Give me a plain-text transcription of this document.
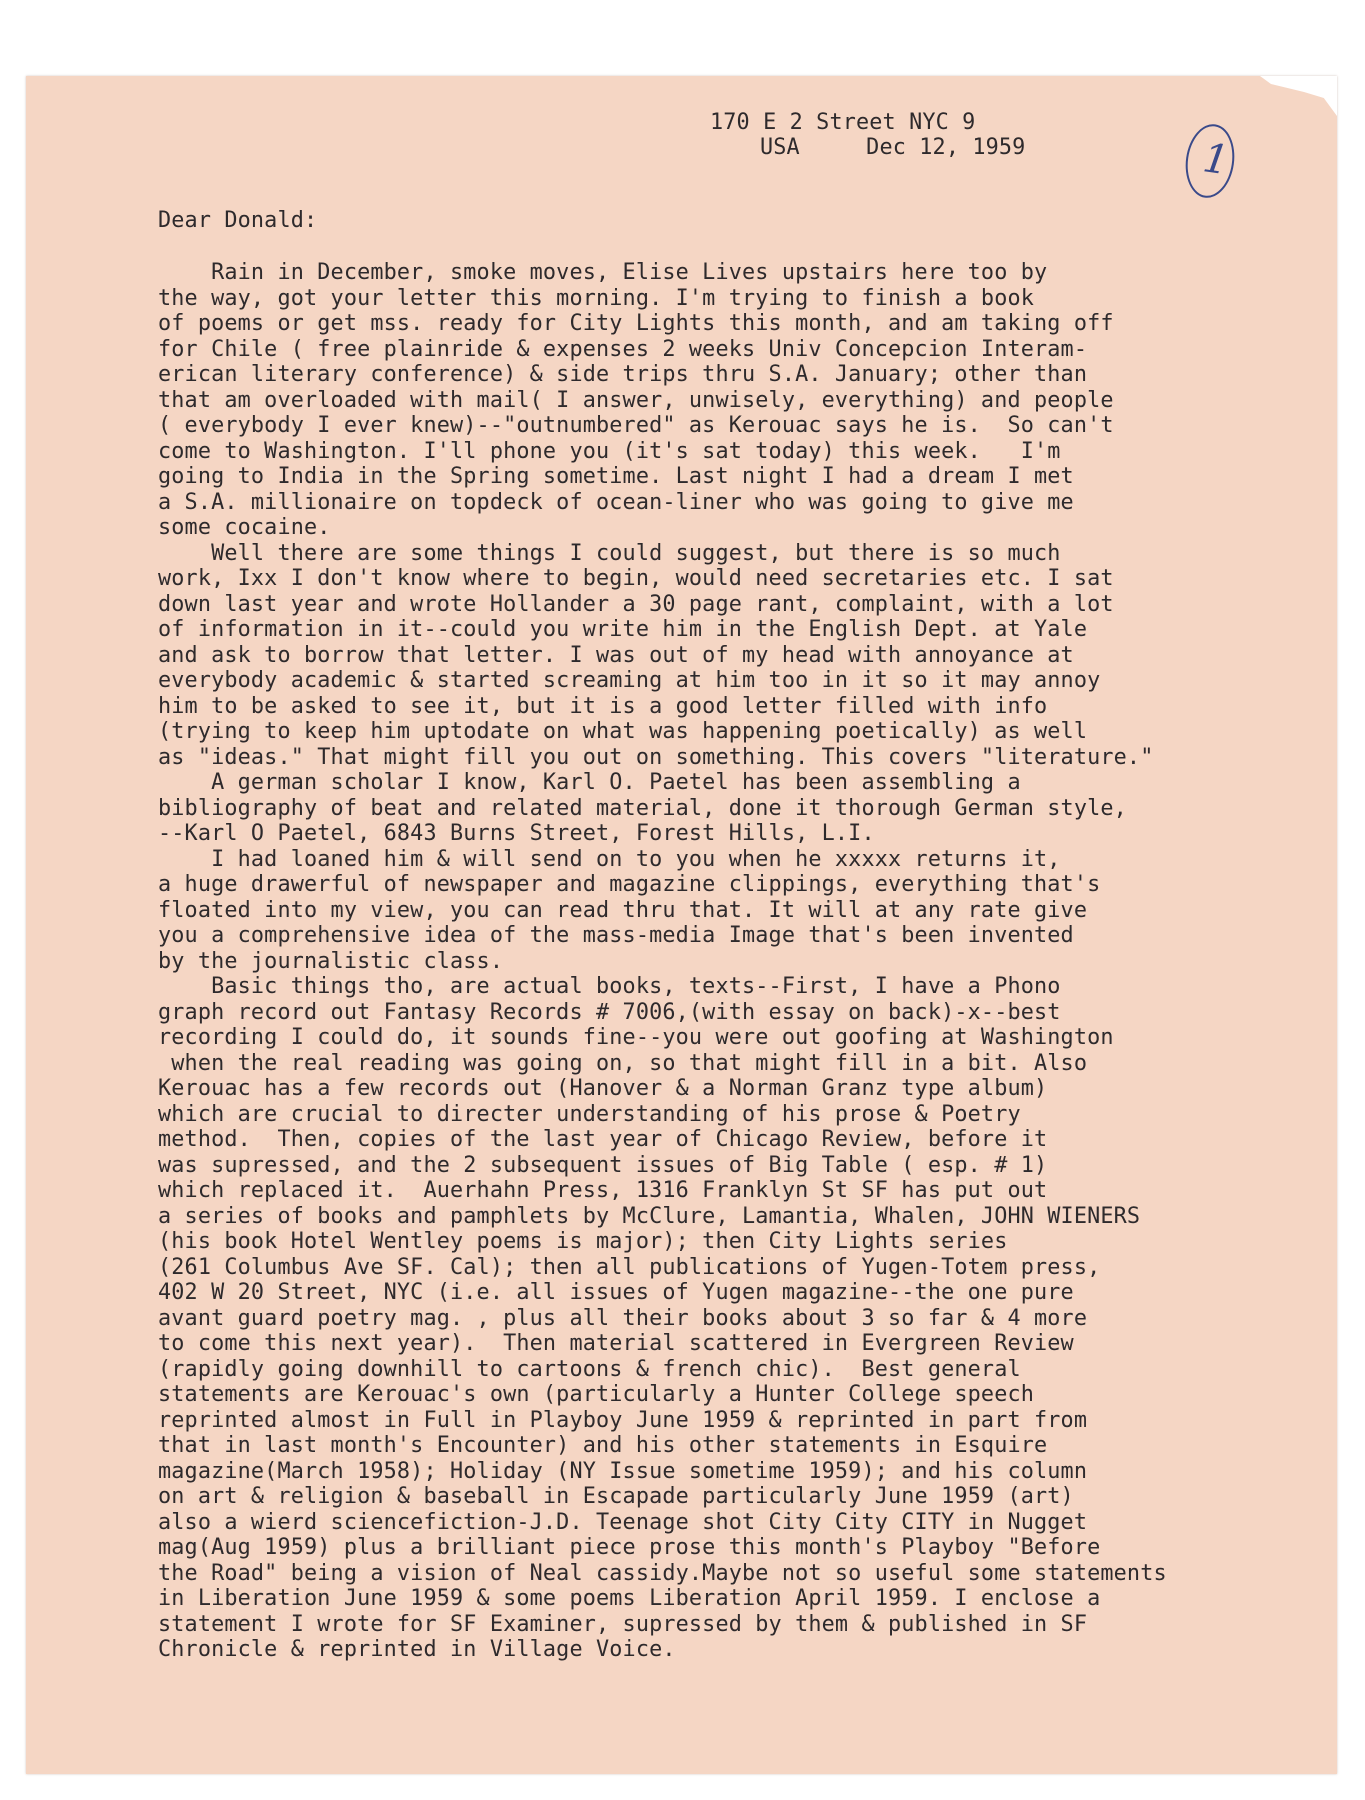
170 E 2 Street NYC 9
USA     Dec 12, 1959	1
Dear Donald:
Rain in December, smoke moves, Elise Lives upstairs here too by
the way, got your letter this morning. I'm trying to finish a book
of poems or get mss. ready for City Lights this month, and am taking off
for Chile ( free plainride & expenses 2 weeks Univ Concepcion Interam-
erican literary conference) & side trips thru S.A. January; other than
that am overloaded with mail( I answer, unwisely, everything) and people
( everybody I ever knew)--"outnumbered" as Kerouac says he is.  So can't
come to Washington. I'll phone you (it's sat today) this week.   I'm
going to India in the Spring sometime. Last night I had a dream I met
a S.A. millionaire on topdeck of ocean-liner who was going to give me
some cocaine.
Well there are some things I could suggest, but there is so much
work, Ixx I don't know where to begin, would need secretaries etc. I sat
down last year and wrote Hollander a 30 page rant, complaint, with a lot
of information in it--could you write him in the English Dept. at Yale
and ask to borrow that letter. I was out of my head with annoyance at
everybody academic & started screaming at him too in it so it may annoy
him to be asked to see it, but it is a good letter filled with info
(trying to keep him uptodate on what was happening poetically) as well
as "ideas." That might fill you out on something. This covers "literature."
A german scholar I know, Karl O. Paetel has been assembling a
bibliography of beat and related material, done it thorough German style,
--Karl O Paetel, 6843 Burns Street, Forest Hills, L.I.
I had loaned him & will send on to you when he xxxxx returns it,
a huge drawerful of newspaper and magazine clippings, everything that's
floated into my view, you can read thru that. It will at any rate give
you a comprehensive idea of the mass-media Image that's been invented
by the journalistic class.
Basic things tho, are actual books, texts--First, I have a Phono
graph record out Fantasy Records # 7006,(with essay on back)-x--best
recording I could do, it sounds fine--you were out goofing at Washington
when the real reading was going on, so that might fill in a bit. Also
Kerouac has a few records out (Hanover & a Norman Granz type album)
which are crucial to directer understanding of his prose & Poetry
method.  Then, copies of the last year of Chicago Review, before it
was supressed, and the 2 subsequent issues of Big Table ( esp. # 1)
which replaced it.  Auerhahn Press, 1316 Franklyn St SF has put out
a series of books and pamphlets by McClure, Lamantia, Whalen, JOHN WIENERS
(his book Hotel Wentley poems is major); then City Lights series
(261 Columbus Ave SF. Cal); then all publications of Yugen-Totem press,
402 W 20 Street, NYC (i.e. all issues of Yugen magazine--the one pure
avant guard poetry mag. , plus all their books about 3 so far & 4 more
to come this next year).  Then material scattered in Evergreen Review
(rapidly going downhill to cartoons & french chic).  Best general
statements are Kerouac's own (particularly a Hunter College speech
reprinted almost in Full in Playboy June 1959 & reprinted in part from
that in last month's Encounter) and his other statements in Esquire
magazine(March 1958); Holiday (NY Issue sometime 1959); and his column
on art & religion & baseball in Escapade particularly June 1959 (art)
also a wierd sciencefiction-J.D. Teenage shot City City CITY in Nugget
mag(Aug 1959) plus a brilliant piece prose this month's Playboy "Before
the Road" being a vision of Neal cassidy.Maybe not so useful some statements
in Liberation June 1959 & some poems Liberation April 1959. I enclose a
statement I wrote for SF Examiner, supressed by them & published in SF
Chronicle & reprinted in Village Voice.
